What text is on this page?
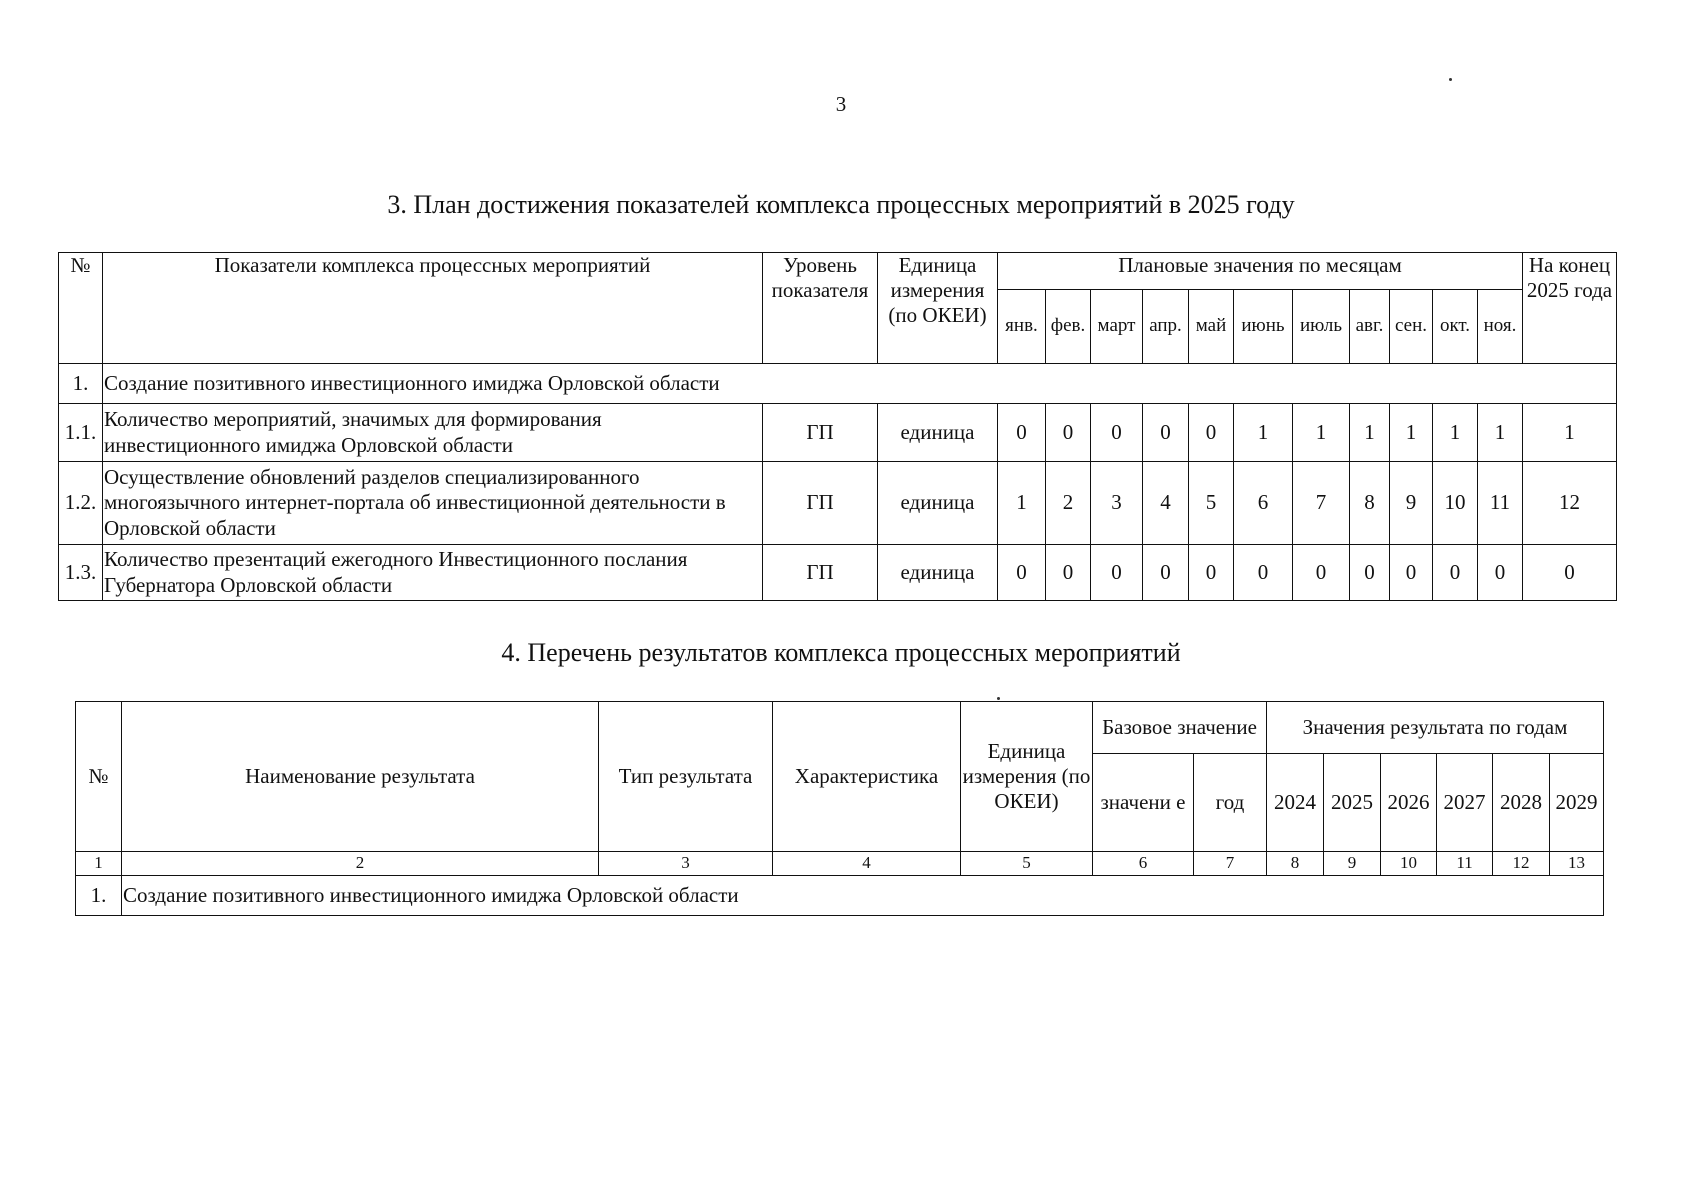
3
3. План достижения показателей комплекса процессных мероприятий в 2025 году
№	Показатели комплекса процессных мероприятий	Уровень показателя	Единица измерения (по ОКЕИ)	Плановые значения по месяцам											На конец 2025 года
				янв.	фев.	март	апр.	май	июнь	июль	авг.	сен.	окт.	ноя.	
1.	Создание позитивного инвестиционного имиджа Орловской области														
1.1.	Количество мероприятий, значимых для формирования инвестиционного имиджа Орловской области	ГП	единица	0	0	0	0	0	1	1	1	1	1	1	1
1.2.	Осуществление обновлений разделов специализированного многоязычного интернет-портала об инвестиционной деятельности в Орловской области	ГП	единица	1	2	3	4	5	6	7	8	9	10	11	12
1.3.	Количество презентаций ежегодного Инвестиционного послания Губернатора Орловской области	ГП	единица	0	0	0	0	0	0	0	0	0	0	0	0
4. Перечень результатов комплекса процессных мероприятий
№	Наименование результата	Тип результата	Характеристика	Единица измерения (по ОКЕИ)	Базовое значение		Значения результата по годам					
					значени е	год	2024	2025	2026	2027	2028	2029
1	2	3	4	5	6	7	8	9	10	11	12	13
1.	Создание позитивного инвестиционного имиджа Орловской области											
